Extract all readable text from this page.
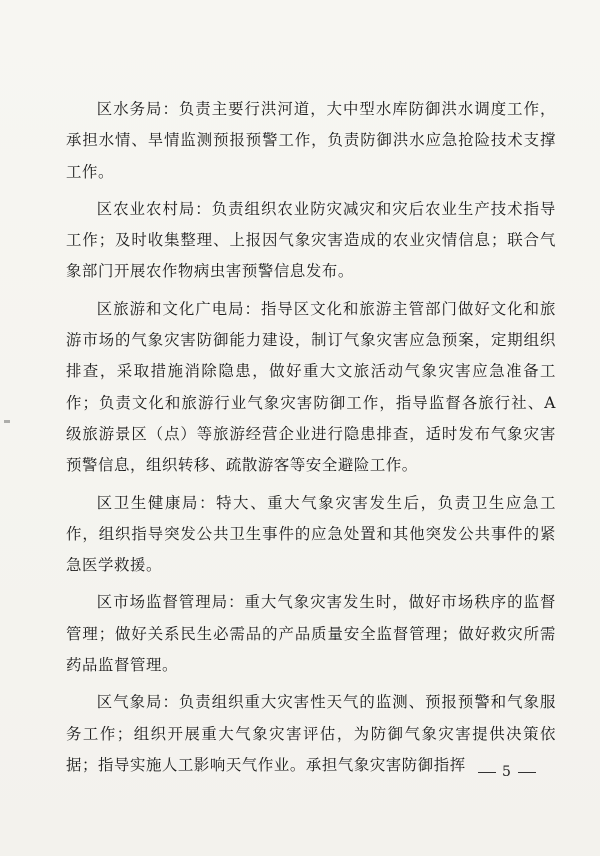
区水务局：负责主要行洪河道，大中型水库防御洪水调度工作，承担水情、旱情监测预报预警工作，负责防御洪水应急抢险技术支撑工作。

区农业农村局：负责组织农业防灾减灾和灾后农业生产技术指导工作；及时收集整理、上报因气象灾害造成的农业灾情信息；联合气象部门开展农作物病虫害预警信息发布。

区旅游和文化广电局：指导区文化和旅游主管部门做好文化和旅游市场的气象灾害防御能力建设，制订气象灾害应急预案，定期组织排查，采取措施消除隐患，做好重大文旅活动气象灾害应急准备工作；负责文化和旅游行业气象灾害防御工作，指导监督各旅行社、A级旅游景区（点）等旅游经营企业进行隐患排查，适时发布气象灾害预警信息，组织转移、疏散游客等安全避险工作。

区卫生健康局：特大、重大气象灾害发生后，负责卫生应急工作，组织指导突发公共卫生事件的应急处置和其他突发公共事件的紧急医学救援。

区市场监督管理局：重大气象灾害发生时，做好市场秩序的监督管理；做好关系民生必需品的产品质量安全监督管理；做好救灾所需药品监督管理。

区气象局：负责组织重大灾害性天气的监测、预报预警和气象服务工作；组织开展重大气象灾害评估，为防御气象灾害提供决策依据；指导实施人工影响天气作业。承担气象灾害防御指挥	5
